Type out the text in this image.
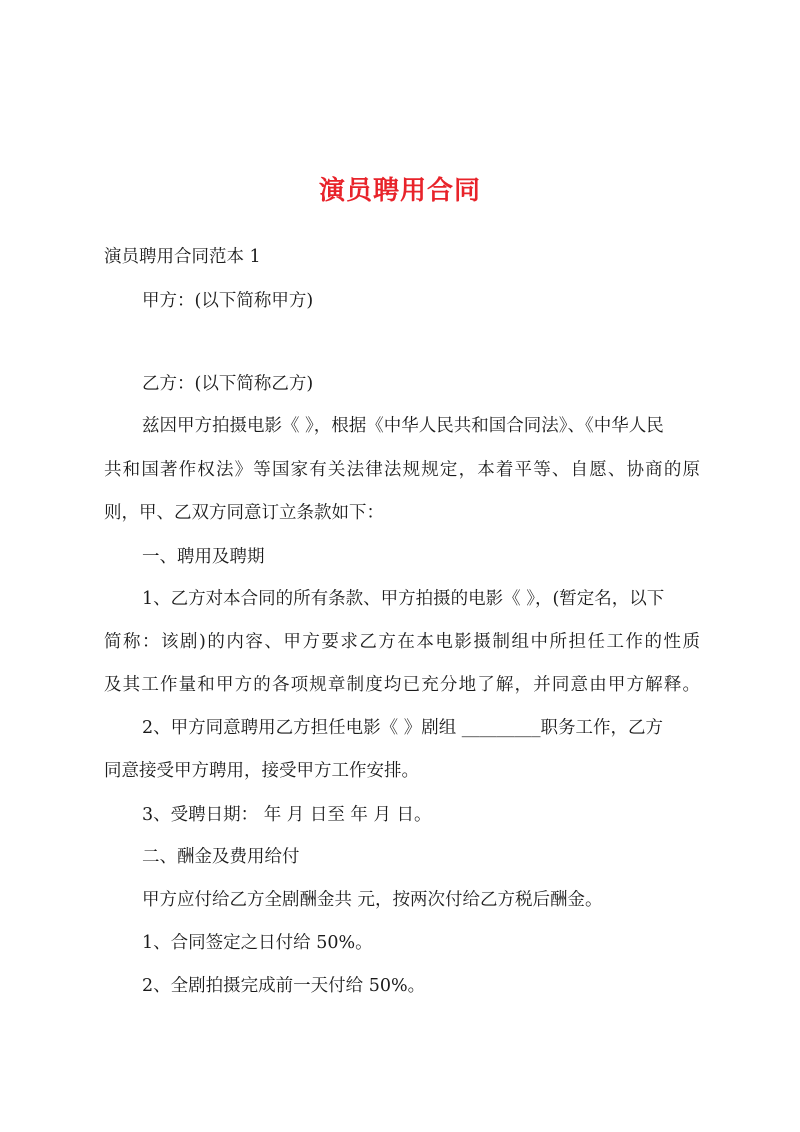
演员聘用合同
演员聘用合同范本 1
甲方：(以下简称甲方)
乙方：(以下简称乙方)
兹因甲方拍摄电影《 》，根据《中华人民共和国合同法》、《中华人民
共和国著作权法》等国家有关法律法规规定，本着平等、自愿、协商的原
则，甲、乙双方同意订立条款如下：
一、聘用及聘期
1、乙方对本合同的所有条款、甲方拍摄的电影《 》，(暂定名，以下
简称：该剧)的内容、甲方要求乙方在本电影摄制组中所担任工作的性质
及其工作量和甲方的各项规章制度均已充分地了解，并同意由甲方解释。
2、甲方同意聘用乙方担任电影《 》剧组 _________职务工作，乙方
同意接受甲方聘用，接受甲方工作安排。
3、受聘日期： 年 月 日至 年 月 日。
二、酬金及费用给付
甲方应付给乙方全剧酬金共 元，按两次付给乙方税后酬金。
1、合同签定之日付给 50%。
2、全剧拍摄完成前一天付给 50%。
